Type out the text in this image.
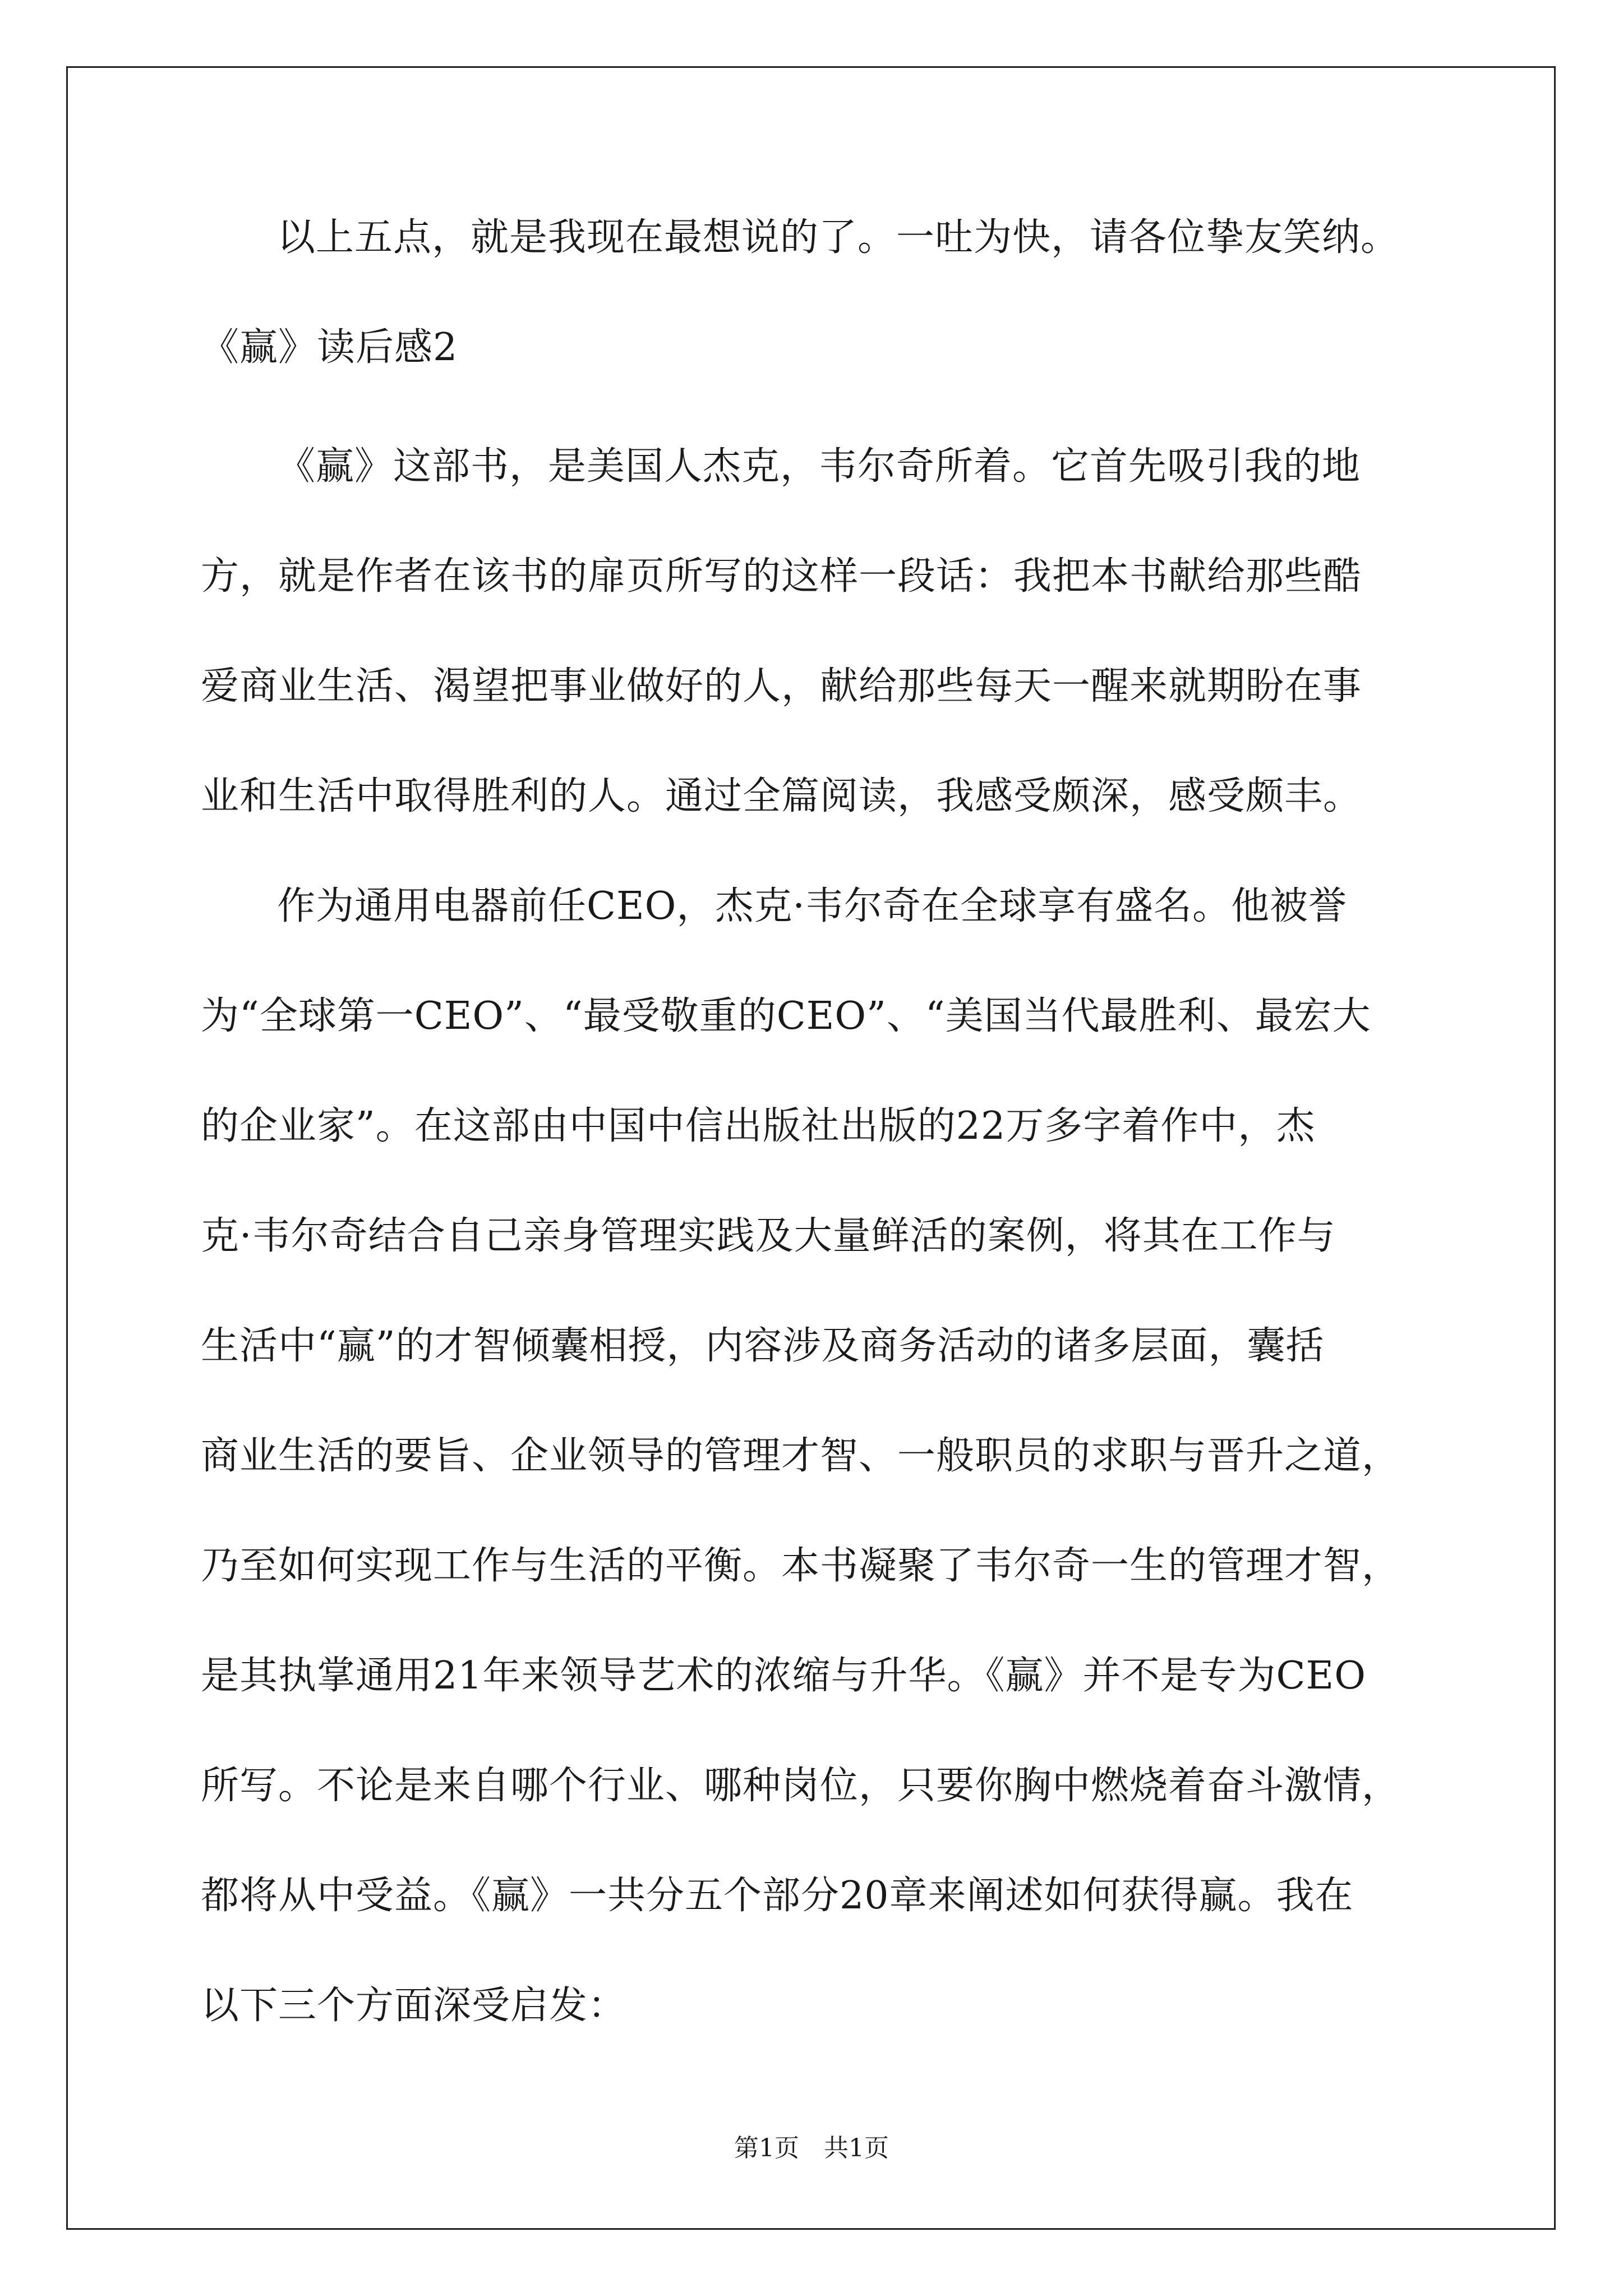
以上五点，就是我现在最想说的了。一吐为快，请各位挚友笑纳。
《赢》读后感2
《赢》这部书，是美国人杰克，韦尔奇所着。它首先吸引我的地
方，就是作者在该书的扉页所写的这样一段话：我把本书献给那些酷
爱商业生活、渴望把事业做好的人，献给那些每天一醒来就期盼在事
业和生活中取得胜利的人。通过全篇阅读，我感受颇深，感受颇丰。
作为通用电器前任CEO，杰克·韦尔奇在全球享有盛名。他被誉
为“全球第一CEO”、“最受敬重的CEO”、“美国当代最胜利、最宏大
的企业家”。在这部由中国中信出版社出版的22万多字着作中，杰
克·韦尔奇结合自己亲身管理实践及大量鲜活的案例，将其在工作与
生活中“赢”的才智倾囊相授，内容涉及商务活动的诸多层面，囊括
商业生活的要旨、企业领导的管理才智、一般职员的求职与晋升之道，
乃至如何实现工作与生活的平衡。本书凝聚了韦尔奇一生的管理才智，
是其执掌通用21年来领导艺术的浓缩与升华。《赢》并不是专为CEO
所写。不论是来自哪个行业、哪种岗位，只要你胸中燃烧着奋斗激情，
都将从中受益。《赢》一共分五个部分20章来阐述如何获得赢。我在
以下三个方面深受启发：
第1页　共1页
